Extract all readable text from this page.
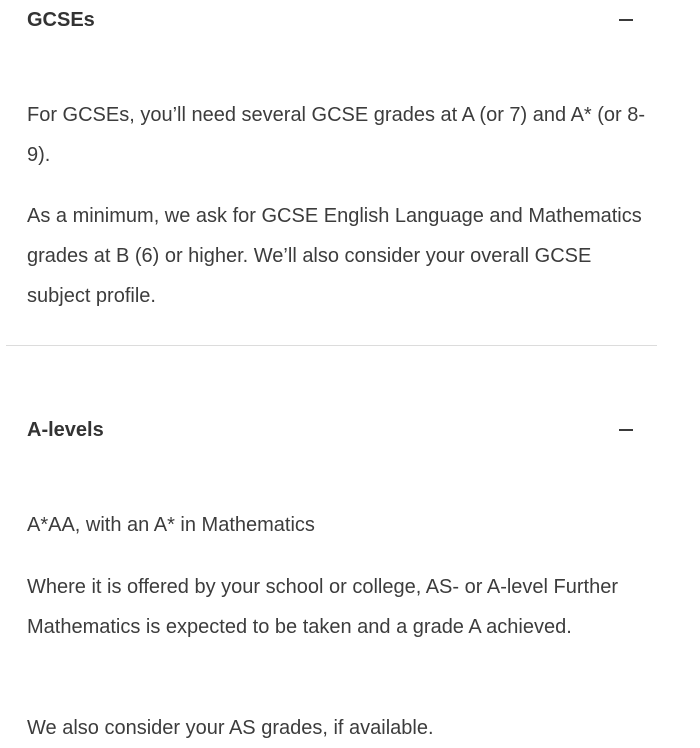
GCSEs

For GCSEs, you’ll need several GCSE grades at A (or 7) and A* (or 8-9).

As a minimum, we ask for GCSE English Language and Mathematics grades at B (6) or higher. We’ll also consider your overall GCSE subject profile.

A-levels

A*AA, with an A* in Mathematics

Where it is offered by your school or college, AS- or A-level Further Mathematics is expected to be taken and a grade A achieved.

We also consider your AS grades, if available.
